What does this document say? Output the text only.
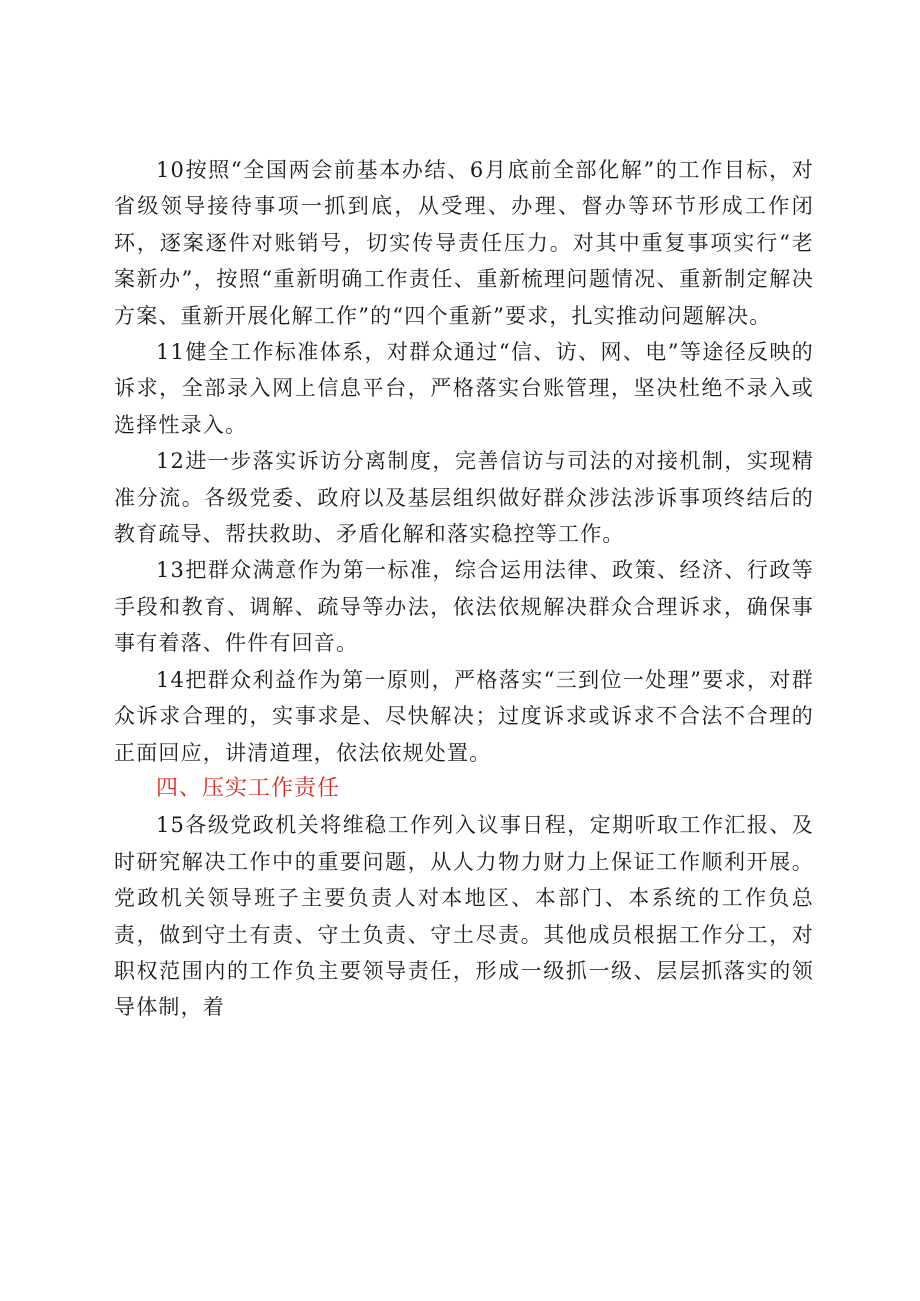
10按照“全国两会前基本办结、6月底前全部化解”的工作目标，对省级领导接待事项一抓到底，从受理、办理、督办等环节形成工作闭环，逐案逐件对账销号，切实传导责任压力。对其中重复事项实行“老案新办”，按照“重新明确工作责任、重新梳理问题情况、重新制定解决方案、重新开展化解工作”的“四个重新”要求，扎实推动问题解决。

11健全工作标准体系，对群众通过“信、访、网、电”等途径反映的诉求，全部录入网上信息平台，严格落实台账管理，坚决杜绝不录入或选择性录入。

12进一步落实诉访分离制度，完善信访与司法的对接机制，实现精准分流。各级党委、政府以及基层组织做好群众涉法涉诉事项终结后的教育疏导、帮扶救助、矛盾化解和落实稳控等工作。

13把群众满意作为第一标准，综合运用法律、政策、经济、行政等手段和教育、调解、疏导等办法，依法依规解决群众合理诉求，确保事事有着落、件件有回音。

14把群众利益作为第一原则，严格落实“三到位一处理”要求，对群众诉求合理的，实事求是、尽快解决；过度诉求或诉求不合法不合理的正面回应，讲清道理，依法依规处置。

四、压实工作责任

15各级党政机关将维稳工作列入议事日程，定期听取工作汇报、及时研究解决工作中的重要问题，从人力物力财力上保证工作顺利开展。党政机关领导班子主要负责人对本地区、本部门、本系统的工作负总责，做到守土有责、守土负责、守土尽责。其他成员根据工作分工，对职权范围内的工作负主要领导责任，形成一级抓一级、层层抓落实的领导体制，着
